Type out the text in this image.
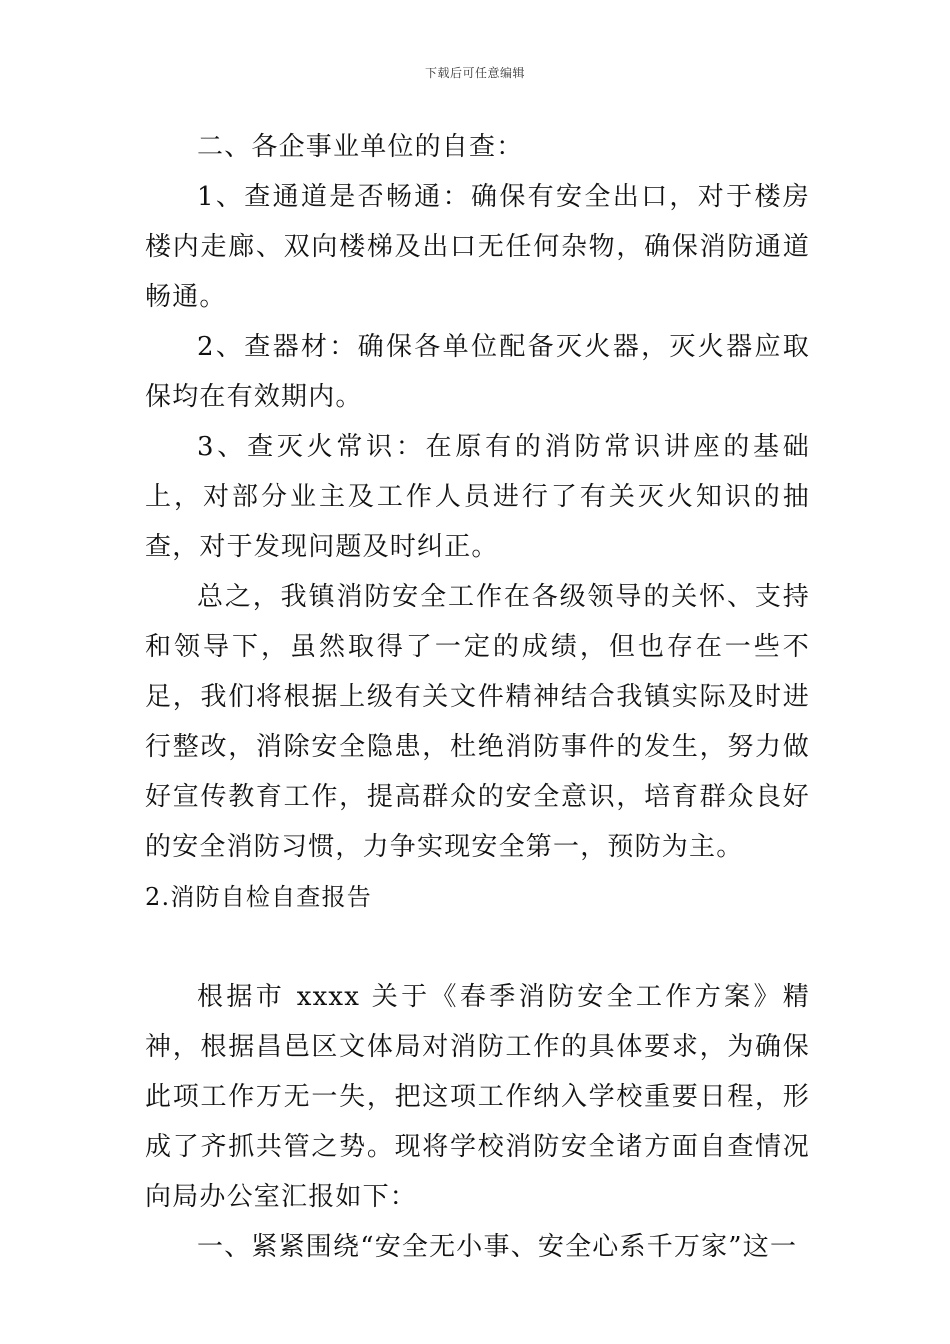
下载后可任意编辑

二、各企事业单位的自查：

1、查通道是否畅通：确保有安全出口，对于楼房楼内走廊、双向楼梯及出口无任何杂物，确保消防通道畅通。

2、查器材：确保各单位配备灭火器，灭火器应取保均在有效期内。

3、查灭火常识：在原有的消防常识讲座的基础上，对部分业主及工作人员进行了有关灭火知识的抽查，对于发现问题及时纠正。

总之，我镇消防安全工作在各级领导的关怀、支持和领导下，虽然取得了一定的成绩，但也存在一些不足，我们将根据上级有关文件精神结合我镇实际及时进行整改，消除安全隐患，杜绝消防事件的发生，努力做好宣传教育工作，提高群众的安全意识，培育群众良好的安全消防习惯，力争实现安全第一，预防为主。

2.消防自检自查报告

根据市 xxxx 关于《春季消防安全工作方案》精神，根据昌邑区文体局对消防工作的具体要求，为确保此项工作万无一失，把这项工作纳入学校重要日程，形成了齐抓共管之势。现将学校消防安全诸方面自查情况向局办公室汇报如下：

一、紧紧围绕“安全无小事、安全心系千万家”这一
